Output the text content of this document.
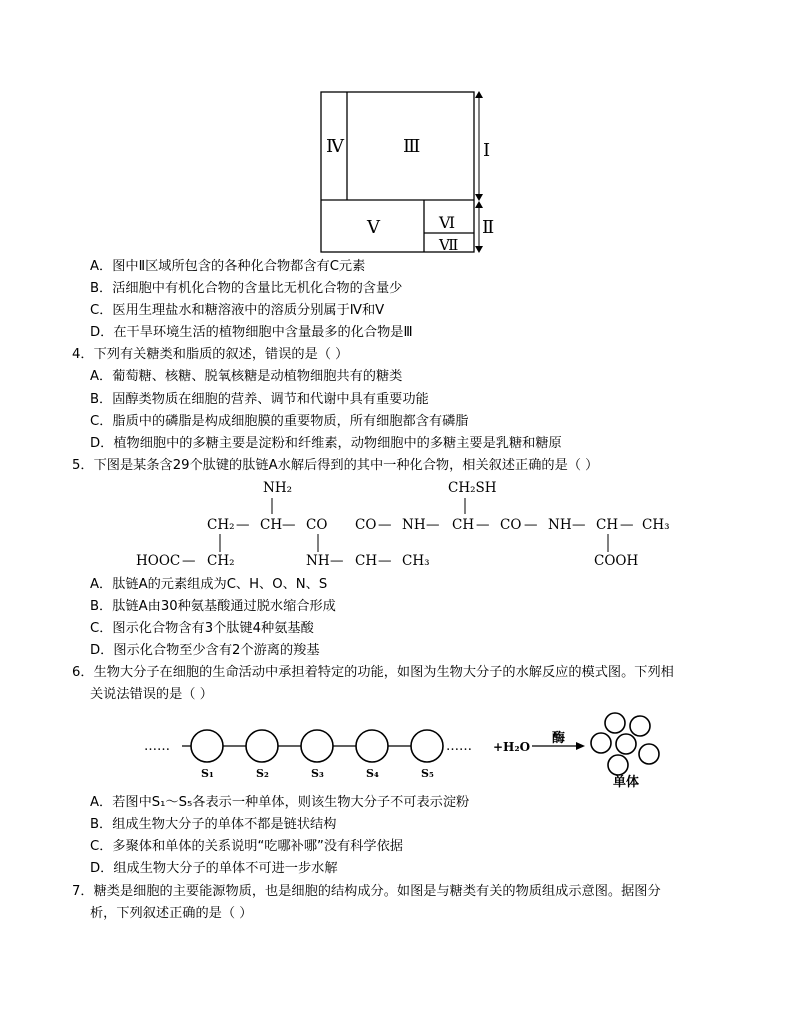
Ⅳ	Ⅲ	Ⅰ
Ⅴ	Ⅵ
Ⅶ
Ⅱ
A．图中Ⅱ区域所包含的各种化合物都含有C元素
B．活细胞中有机化合物的含量比无机化合物的含量少
C．医用生理盐水和糖溶液中的溶质分别属于Ⅳ和Ⅴ
D．在干旱环境生活的植物细胞中含量最多的化合物是Ⅲ
4．下列有关糖类和脂质的叙述，错误的是（ ）
A．葡萄糖、核糖、脱氧核糖是动植物细胞共有的糖类
B．固醇类物质在细胞的营养、调节和代谢中具有重要功能
C．脂质中的磷脂是构成细胞膜的重要物质，所有细胞都含有磷脂
D．植物细胞中的多糖主要是淀粉和纤维素，动物细胞中的多糖主要是乳糖和糖原
5．下图是某条含29个肽键的肽链A水解后得到的其中一种化合物，相关叙述正确的是（ ）
NH₂	CH₂SH
CH₂ — CH — CO CO — NH — CH — CO — NH — CH — CH₃
HOOC — CH₂	NH — CH — CH₃	COOH
A．肽链A的元素组成为C、H、O、N、S
B．肽链A由30种氨基酸通过脱水缩合形成
C．图示化合物含有3个肽键4种氨基酸
D．图示化合物至少含有2个游离的羧基
6．生物大分子在细胞的生命活动中承担着特定的功能，如图为生物大分子的水解反应的模式图。下列相
关说法错误的是（ ）
……	…… +H₂O
酶
单体
S₁	S₂	S₃	S₄	S₅
A．若图中S₁～S₅各表示一种单体，则该生物大分子不可表示淀粉
B．组成生物大分子的单体不都是链状结构
C．多聚体和单体的关系说明“吃哪补哪”没有科学依据
D．组成生物大分子的单体不可进一步水解
7．糖类是细胞的主要能源物质，也是细胞的结构成分。如图是与糖类有关的物质组成示意图。据图分
析，下列叙述正确的是（ ）
